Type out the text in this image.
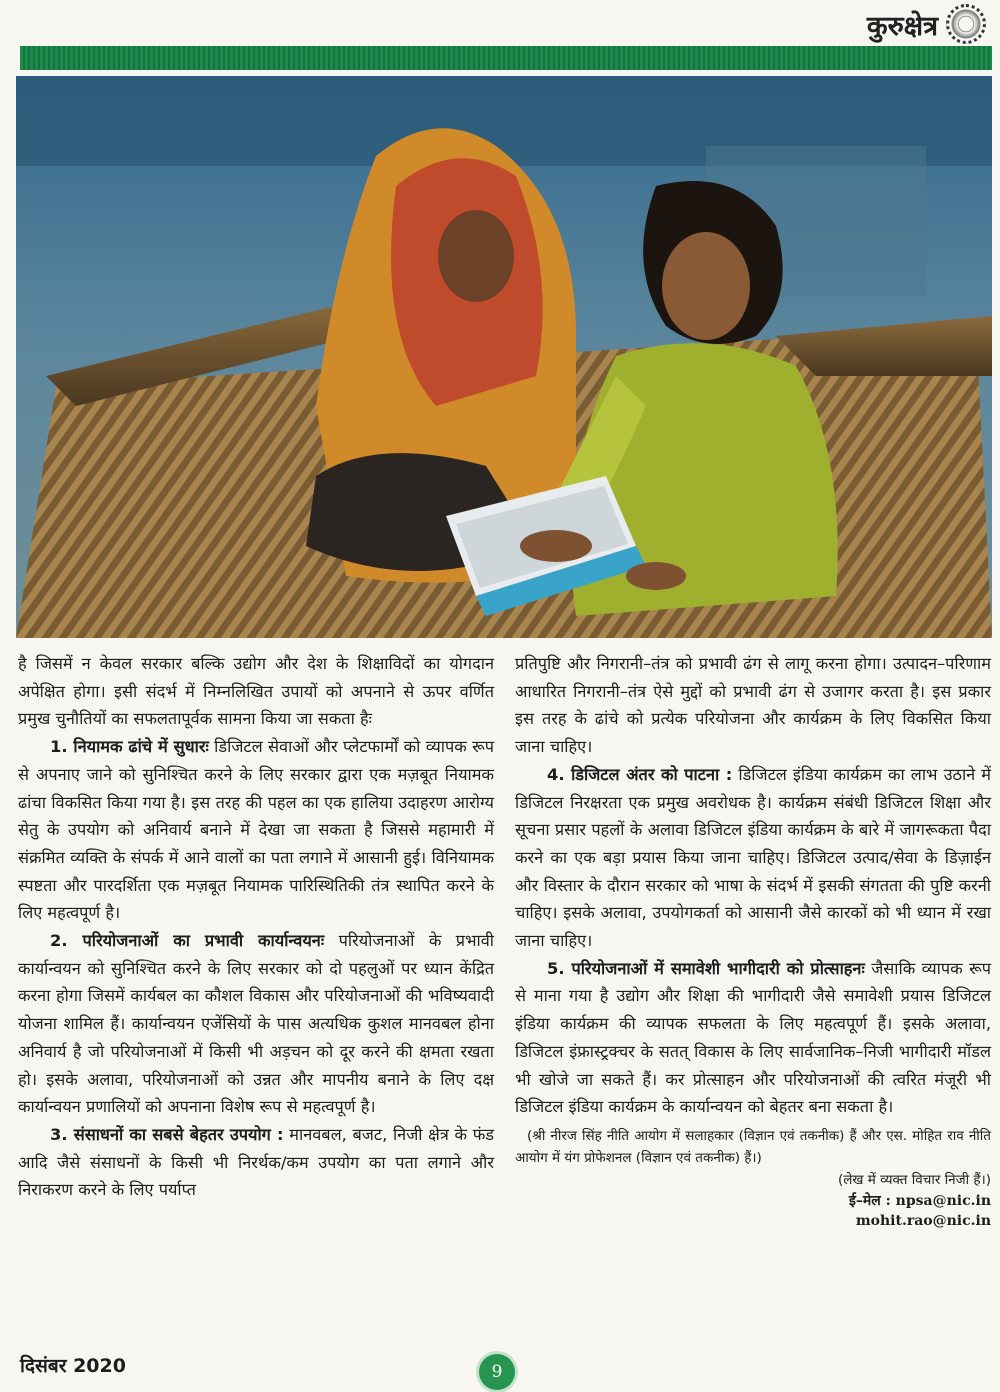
कुरुक्षेत्र

है जिसमें न केवल सरकार बल्कि उद्योग और देश के शिक्षाविदों का योगदान अपेक्षित होगा। इसी संदर्भ में निम्नलिखित उपायों को अपनाने से ऊपर वर्णित प्रमुख चुनौतियों का सफलतापूर्वक सामना किया जा सकता हैः

1. नियामक ढांचे में सुधारः डिजिटल सेवाओं और प्लेटफार्मों को व्यापक रूप से अपनाए जाने को सुनिश्चित करने के लिए सरकार द्वारा एक मज़बूत नियामक ढांचा विकसित किया गया है। इस तरह की पहल का एक हालिया उदाहरण आरोग्य सेतु के उपयोग को अनिवार्य बनाने में देखा जा सकता है जिससे महामारी में संक्रमित व्यक्ति के संपर्क में आने वालों का पता लगाने में आसानी हुई। विनियामक स्पष्टता और पारदर्शिता एक मज़बूत नियामक पारिस्थितिकी तंत्र स्थापित करने के लिए महत्वपूर्ण है।

2. परियोजनाओं का प्रभावी कार्यान्वयनः परियोजनाओं के प्रभावी कार्यान्वयन को सुनिश्चित करने के लिए सरकार को दो पहलुओं पर ध्यान केंद्रित करना होगा जिसमें कार्यबल का कौशल विकास और परियोजनाओं की भविष्यवादी योजना शामिल हैं। कार्यान्वयन एजेंसियों के पास अत्यधिक कुशल मानवबल होना अनिवार्य है जो परियोजनाओं में किसी भी अड़चन को दूर करने की क्षमता रखता हो। इसके अलावा, परियोजनाओं को उन्नत और मापनीय बनाने के लिए दक्ष कार्यान्वयन प्रणालियों को अपनाना विशेष रूप से महत्वपूर्ण है।

3. संसाधनों का सबसे बेहतर उपयोग : मानवबल, बजट, निजी क्षेत्र के फंड आदि जैसे संसाधनों के किसी भी निरर्थक/कम उपयोग का पता लगाने और निराकरण करने के लिए पर्याप्त

प्रतिपुष्टि और निगरानी–तंत्र को प्रभावी ढंग से लागू करना होगा। उत्पादन–परिणाम आधारित निगरानी–तंत्र ऐसे मुद्दों को प्रभावी ढंग से उजागर करता है। इस प्रकार इस तरह के ढांचे को प्रत्येक परियोजना और कार्यक्रम के लिए विकसित किया जाना चाहिए।

4. डिजिटल अंतर को पाटना : डिजिटल इंडिया कार्यक्रम का लाभ उठाने में डिजिटल निरक्षरता एक प्रमुख अवरोधक है। कार्यक्रम संबंधी डिजिटल शिक्षा और सूचना प्रसार पहलों के अलावा डिजिटल इंडिया कार्यक्रम के बारे में जागरूकता पैदा करने का एक बड़ा प्रयास किया जाना चाहिए। डिजिटल उत्पाद/सेवा के डिज़ाईन और विस्तार के दौरान सरकार को भाषा के संदर्भ में इसकी संगतता की पुष्टि करनी चाहिए। इसके अलावा, उपयोगकर्ता को आसानी जैसे कारकों को भी ध्यान में रखा जाना चाहिए।

5. परियोजनाओं में समावेशी भागीदारी को प्रोत्साहनः जैसाकि व्यापक रूप से माना गया है उद्योग और शिक्षा की भागीदारी जैसे समावेशी प्रयास डिजिटल इंडिया कार्यक्रम की व्यापक सफलता के लिए महत्वपूर्ण हैं। इसके अलावा, डिजिटल इंफ्रास्ट्रक्चर के सतत् विकास के लिए सार्वजानिक–निजी भागीदारी मॉडल भी खोजे जा सकते हैं। कर प्रोत्साहन और परियोजनाओं की त्वरित मंजूरी भी डिजिटल इंडिया कार्यक्रम के कार्यान्वयन को बेहतर बना सकता है।

(श्री नीरज सिंह नीति आयोग में सलाहकार (विज्ञान एवं तकनीक) हैं और एस. मोहित राव नीति आयोग में यंग प्रोफेशनल (विज्ञान एवं तकनीक) हैं।)
(लेख में व्यक्त विचार निजी हैं।)
ई–मेल : npsa@nic.in
mohit.rao@nic.in
दिसंबर 2020	9
